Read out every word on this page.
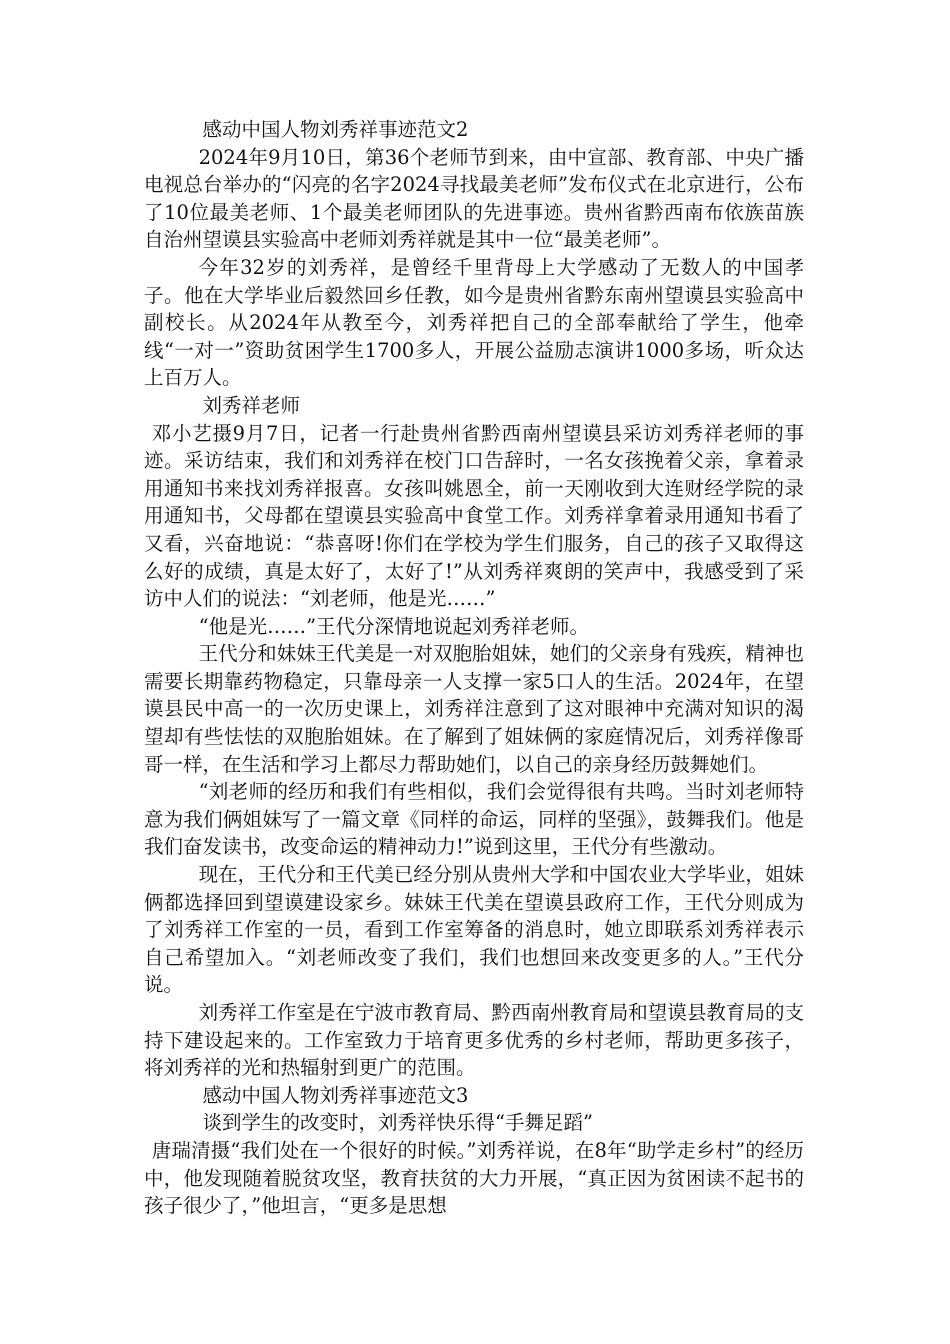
感动中国人物刘秀祥事迹范文2

2024年9月10日，第36个老师节到来，由中宣部、教育部、中央广播电视总台举办的“闪亮的名字2024寻找最美老师”发布仪式在北京进行，公布了10位最美老师、1个最美老师团队的先进事迹。贵州省黔西南布依族苗族自治州望谟县实验高中老师刘秀祥就是其中一位“最美老师”。

今年32岁的刘秀祥，是曾经千里背母上大学感动了无数人的中国孝子。他在大学毕业后毅然回乡任教，如今是贵州省黔东南州望谟县实验高中副校长。从2024年从教至今，刘秀祥把自己的全部奉献给了学生，他牵线“一对一”资助贫困学生1700多人，开展公益励志演讲1000多场，听众达上百万人。

刘秀祥老师

邓小艺摄9月7日，记者一行赴贵州省黔西南州望谟县采访刘秀祥老师的事迹。采访结束，我们和刘秀祥在校门口告辞时，一名女孩挽着父亲，拿着录用通知书来找刘秀祥报喜。女孩叫姚恩全，前一天刚收到大连财经学院的录用通知书，父母都在望谟县实验高中食堂工作。刘秀祥拿着录用通知书看了又看，兴奋地说：“恭喜呀!你们在学校为学生们服务，自己的孩子又取得这么好的成绩，真是太好了，太好了!”从刘秀祥爽朗的笑声中，我感受到了采访中人们的说法：“刘老师，他是光……”

“他是光……”王代分深情地说起刘秀祥老师。

王代分和妹妹王代美是一对双胞胎姐妹，她们的父亲身有残疾，精神也需要长期靠药物稳定，只靠母亲一人支撑一家5口人的生活。2024年，在望谟县民中高一的一次历史课上，刘秀祥注意到了这对眼神中充满对知识的渴望却有些怯怯的双胞胎姐妹。在了解到了姐妹俩的家庭情况后，刘秀祥像哥哥一样，在生活和学习上都尽力帮助她们，以自己的亲身经历鼓舞她们。

“刘老师的经历和我们有些相似，我们会觉得很有共鸣。当时刘老师特意为我们俩姐妹写了一篇文章《同样的命运，同样的坚强》，鼓舞我们。他是我们奋发读书，改变命运的精神动力!”说到这里，王代分有些激动。

现在，王代分和王代美已经分别从贵州大学和中国农业大学毕业，姐妹俩都选择回到望谟建设家乡。妹妹王代美在望谟县政府工作，王代分则成为了刘秀祥工作室的一员，看到工作室筹备的消息时，她立即联系刘秀祥表示自己希望加入。“刘老师改变了我们，我们也想回来改变更多的人。”王代分说。

刘秀祥工作室是在宁波市教育局、黔西南州教育局和望谟县教育局的支持下建设起来的。工作室致力于培育更多优秀的乡村老师，帮助更多孩子，将刘秀祥的光和热辐射到更广的范围。

感动中国人物刘秀祥事迹范文3

谈到学生的改变时，刘秀祥快乐得“手舞足蹈”

唐瑞清摄“我们处在一个很好的时候。”刘秀祥说，在8年“助学走乡村”的经历中，他发现随着脱贫攻坚，教育扶贫的大力开展，“真正因为贫困读不起书的孩子很少了，”他坦言，“更多是思想
